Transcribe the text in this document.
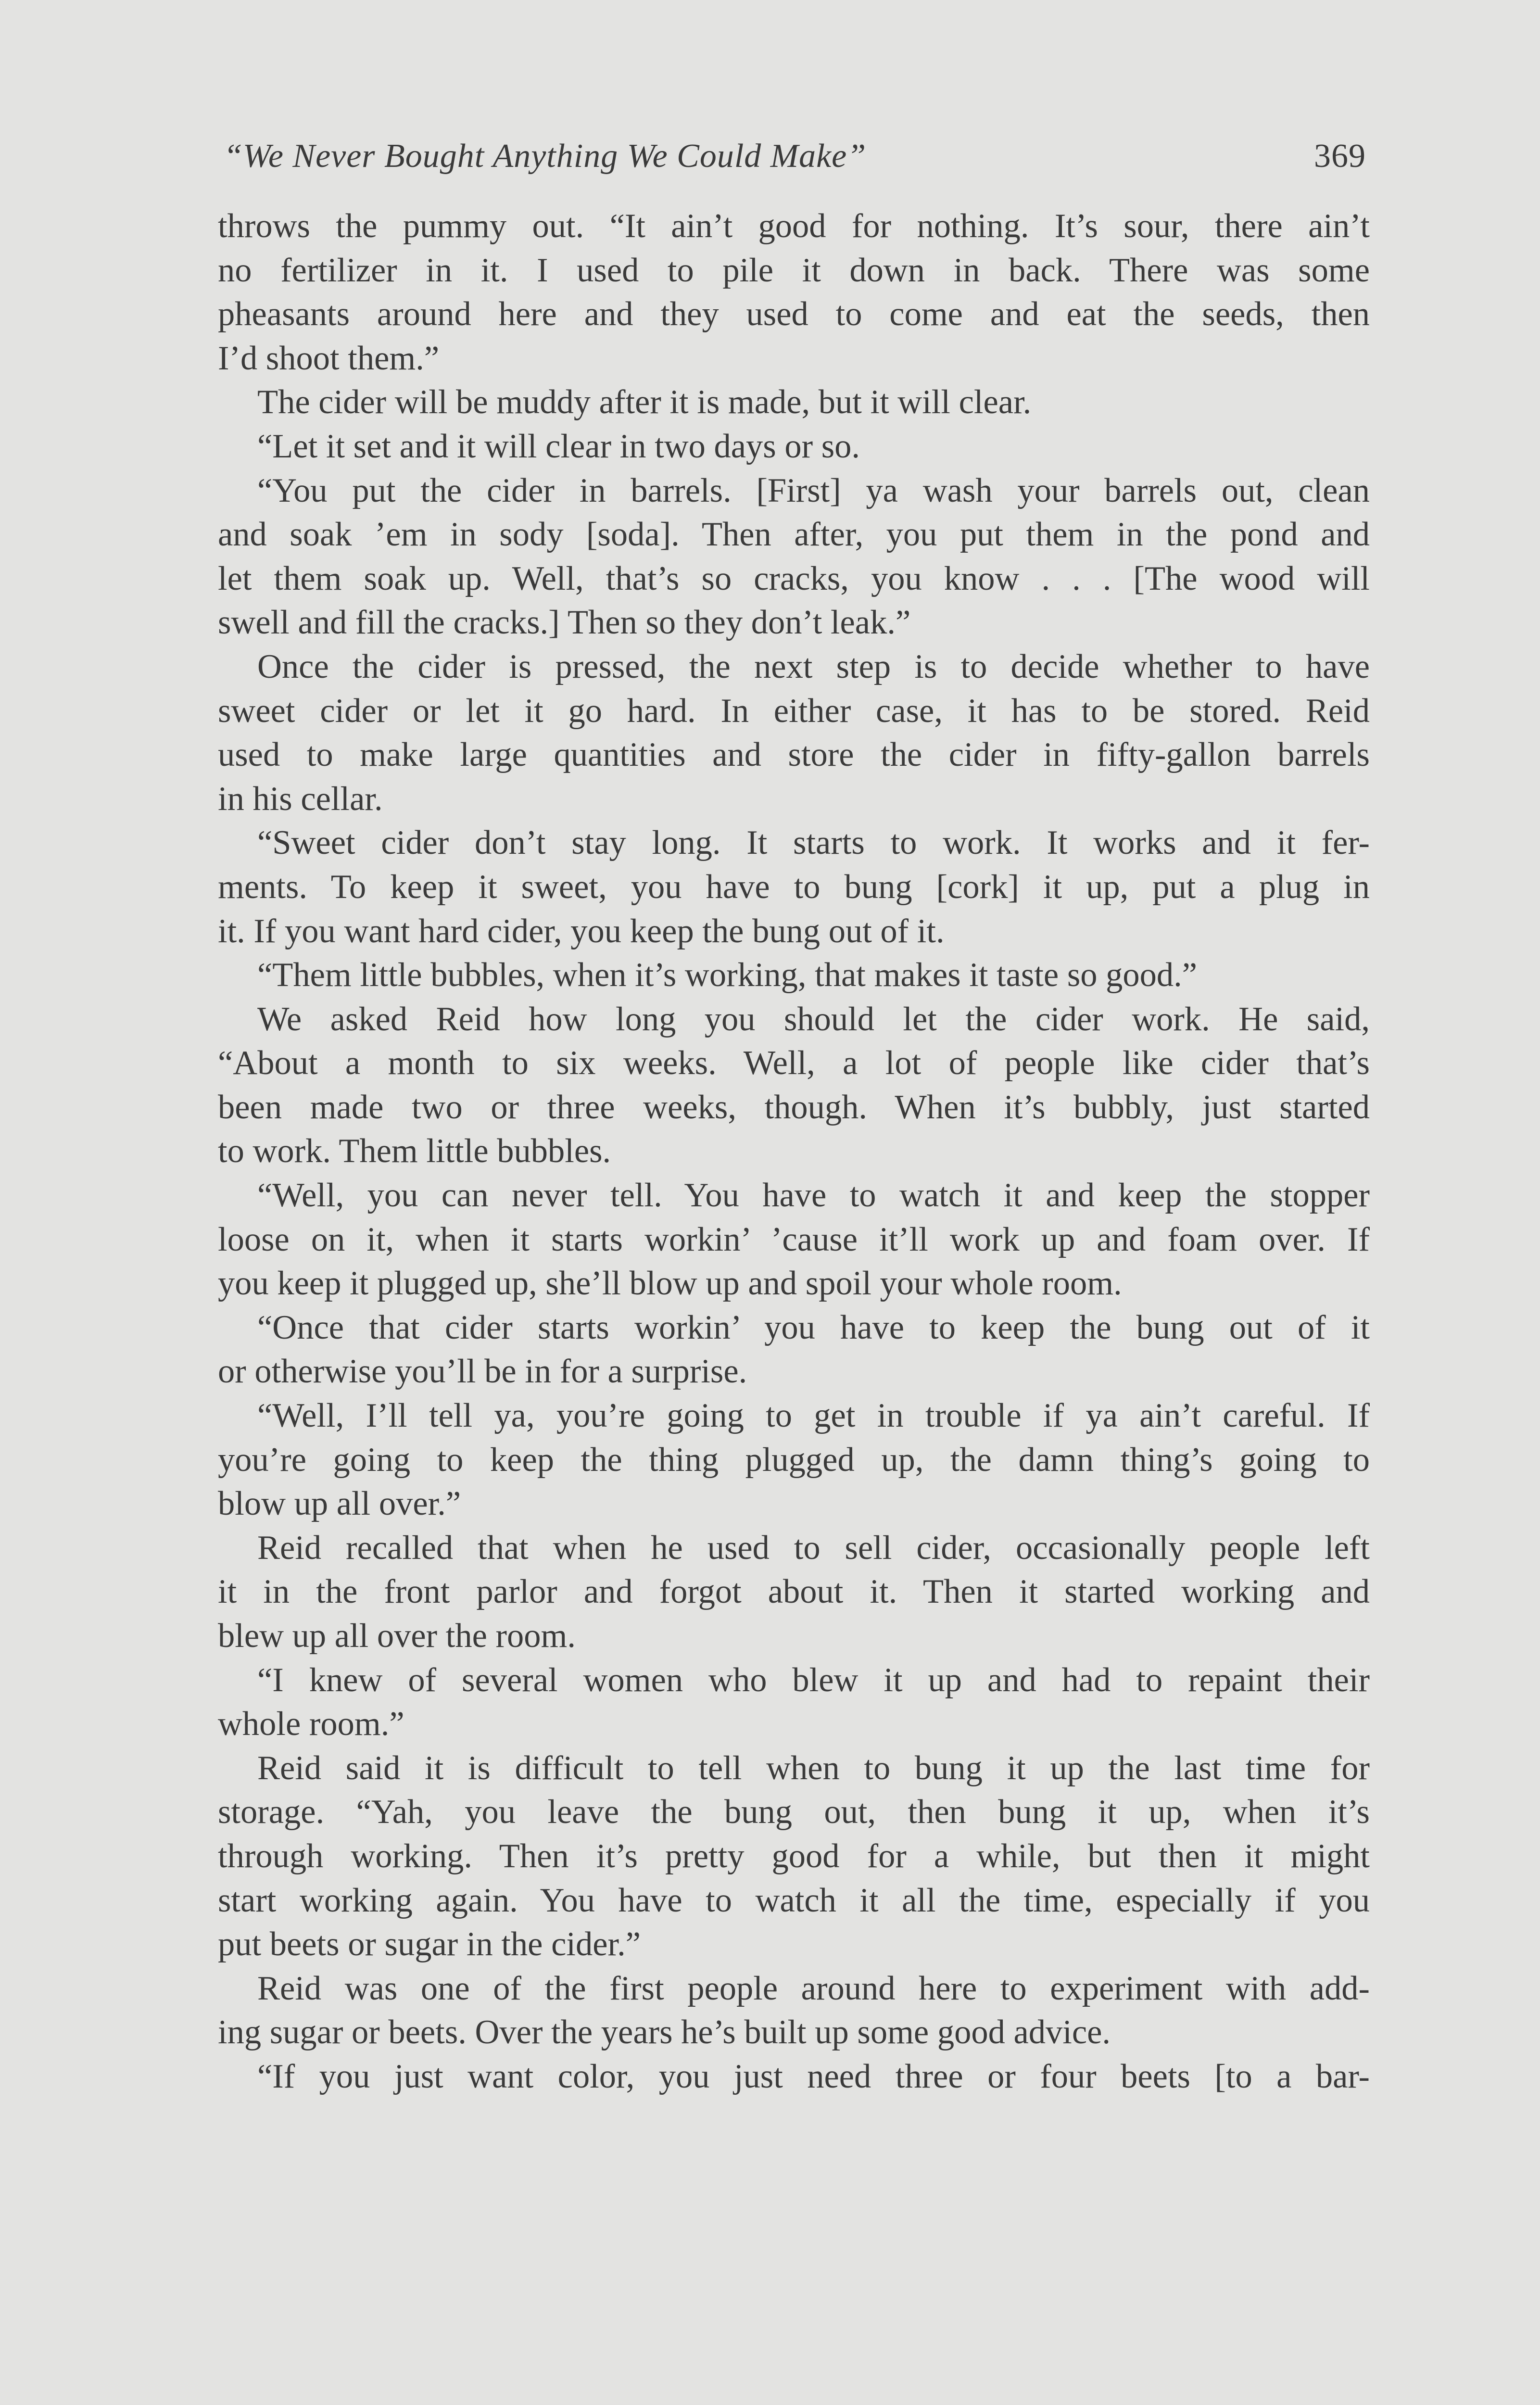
“We Never Bought Anything We Could Make”	369
throws the pummy out. “It ain’t good for nothing. It’s sour, there ain’t
no fertilizer in it. I used to pile it down in back. There was some
pheasants around here and they used to come and eat the seeds, then
I’d shoot them.”
The cider will be muddy after it is made, but it will clear.
“Let it set and it will clear in two days or so.
“You put the cider in barrels. [First] ya wash your barrels out, clean
and soak ’em in sody [soda]. Then after, you put them in the pond and
let them soak up. Well, that’s so cracks, you know . . . [The wood will
swell and fill the cracks.] Then so they don’t leak.”
Once the cider is pressed, the next step is to decide whether to have
sweet cider or let it go hard. In either case, it has to be stored. Reid
used to make large quantities and store the cider in fifty-gallon barrels
in his cellar.
“Sweet cider don’t stay long. It starts to work. It works and it fer-
ments. To keep it sweet, you have to bung [cork] it up, put a plug in
it. If you want hard cider, you keep the bung out of it.
“Them little bubbles, when it’s working, that makes it taste so good.”
We asked Reid how long you should let the cider work. He said,
“About a month to six weeks. Well, a lot of people like cider that’s
been made two or three weeks, though. When it’s bubbly, just started
to work. Them little bubbles.
“Well, you can never tell. You have to watch it and keep the stopper
loose on it, when it starts workin’ ’cause it’ll work up and foam over. If
you keep it plugged up, she’ll blow up and spoil your whole room.
“Once that cider starts workin’ you have to keep the bung out of it
or otherwise you’ll be in for a surprise.
“Well, I’ll tell ya, you’re going to get in trouble if ya ain’t careful. If
you’re going to keep the thing plugged up, the damn thing’s going to
blow up all over.”
Reid recalled that when he used to sell cider, occasionally people left
it in the front parlor and forgot about it. Then it started working and
blew up all over the room.
“I knew of several women who blew it up and had to repaint their
whole room.”
Reid said it is difficult to tell when to bung it up the last time for
storage. “Yah, you leave the bung out, then bung it up, when it’s
through working. Then it’s pretty good for a while, but then it might
start working again. You have to watch it all the time, especially if you
put beets or sugar in the cider.”
Reid was one of the first people around here to experiment with add-
ing sugar or beets. Over the years he’s built up some good advice.
“If you just want color, you just need three or four beets [to a bar-
